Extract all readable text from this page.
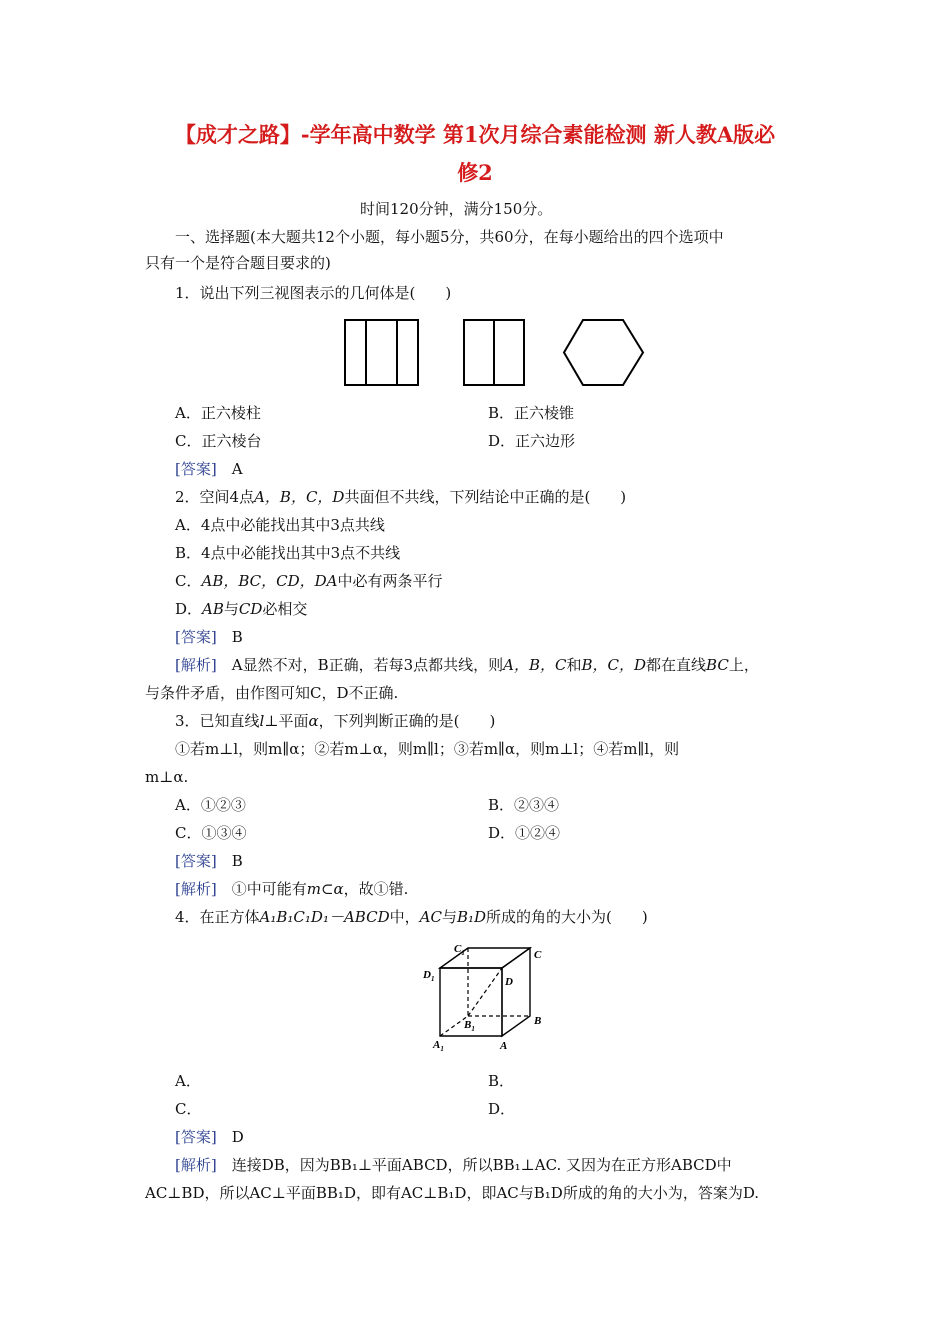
【成才之路】-学年高中数学 第1次月综合素能检测 新人教A版必
修2
时间120分钟，满分150分。
一、选择题(本大题共12个小题，每小题5分，共60分，在每小题给出的四个选项中
只有一个是符合题目要求的)
1．说出下列三视图表示的几何体是(　　)
A．正六棱柱	B．正六棱锥
C．正六棱台	D．正六边形
[答案]　 A
2．空间4点A，B，C，D共面但不共线，下列结论中正确的是(　　)
A．4点中必能找出其中3点共线
B．4点中必能找出其中3点不共线
C．AB，BC，CD，DA中必有两条平行
D．AB与CD必相交
[答案]　 B
[解析]　 A显然不对，B正确，若每3点都共线，则A，B，C和B，C，D都在直线BC上，
与条件矛盾，由作图可知C，D不正确.
3．已知直线l⊥平面α，下列判断正确的是(　　)
①若m⊥l，则m∥α；②若m⊥α，则m∥l；③若m∥α，则m⊥l；④若m∥l，则
m⊥α.
A．①②③	B．②③④
C．①③④	D．①②④
[答案]　 B
[解析]　 ①中可能有m⊂α，故①错.
4．在正方体A₁B₁C₁D₁－ABCD中，AC与B₁D所成的角的大小为(　　)
$C_1$	C
$D_1$	D
$B_1$
B
$A_1$	A
A．	B．
C．	D．
[答案]　 D
[解析]　连接DB，因为BB₁⊥平面ABCD，所以BB₁⊥AC. 又因为在正方形ABCD中
AC⊥BD，所以AC⊥平面BB₁D，即有AC⊥B₁D，即AC与B₁D所成的角的大小为，答案为D.
